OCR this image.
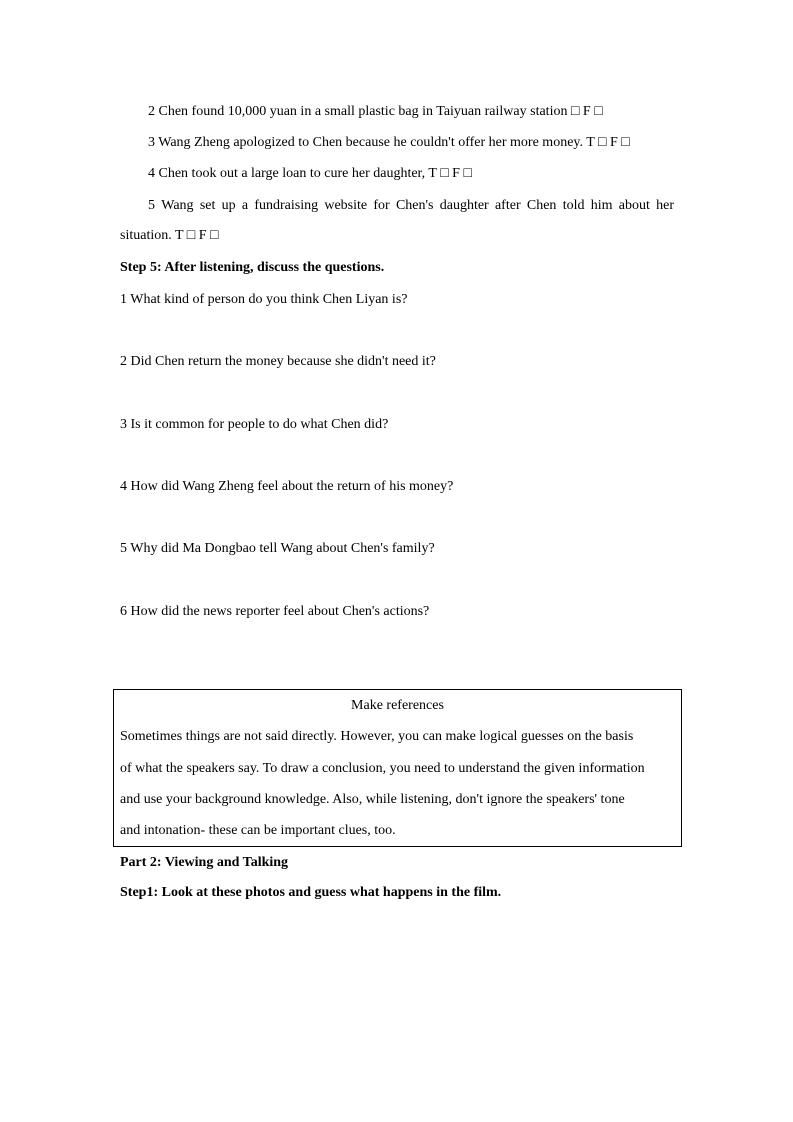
2 Chen found 10,000 yuan in a small plastic bag in Taiyuan railway station □ F □
3 Wang Zheng apologized to Chen because he couldn't offer her more money. T □ F □
4 Chen took out a large loan to cure her daughter, T □ F □
5 Wang set up a fundraising website for Chen's daughter after Chen told him about her
situation. T □ F □
Step 5: After listening, discuss the questions.
1 What kind of person do you think Chen Liyan is?
2 Did Chen return the money because she didn't need it?
3 Is it common for people to do what Chen did?
4 How did Wang Zheng feel about the return of his money?
5 Why did Ma Dongbao tell Wang about Chen's family?
6 How did the news reporter feel about Chen's actions?
Make references
Sometimes things are not said directly. However, you can make logical guesses on the basis
of what the speakers say. To draw a conclusion, you need to understand the given information
and use your background knowledge. Also, while listening, don't ignore the speakers' tone
and intonation- these can be important clues, too.
Part 2: Viewing and Talking
Step1: Look at these photos and guess what happens in the film.
